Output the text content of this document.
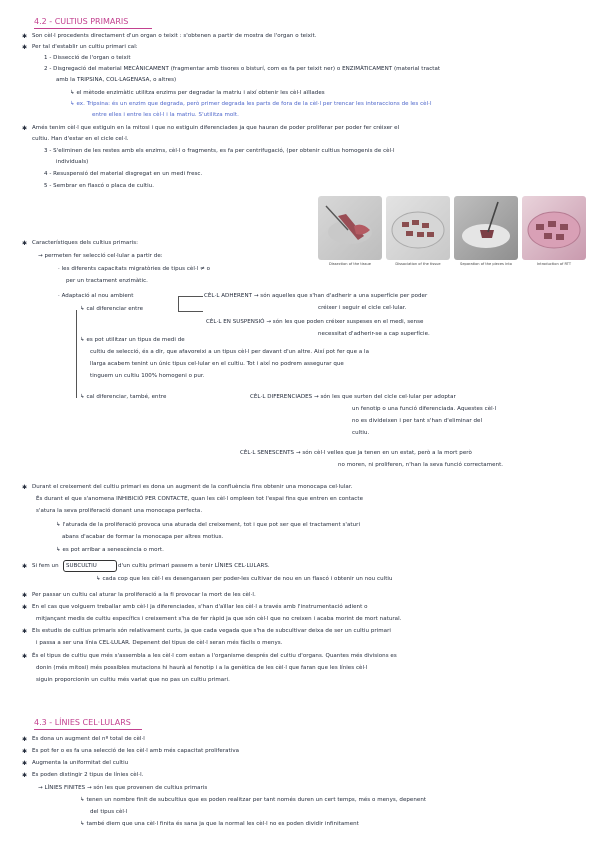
4.2 - CULTIUS PRIMARIS
✱ Son cèl·l procedents directament d'un organ o teixit : s'obtenen a partir de mostra de l'organ o teixit.
✱ Per tal d'establir un cultiu primari cal:
1 - Dissecció de l'organ o teixit
2 - Disgregació del material MECÀNICAMENT (fragmentar amb tisores o bisturí, com es fa per teixit ner) o ENZIMÀTICAMENT (material tractat
amb la TRIPSINA, COL·LAGENASA, o altres)
↳ el mètode enzimàtic utilitza enzims per degradar la matriu i així obtenir les cèl·l aïllades
↳ ex. Tripsina: és un enzim que degrada, però primer degrada les parts de fora de la cèl·l per trencar les interaccions de les cèl·l
entre elles i entre les cèl·l i la matriu. S'utilitza molt.
✱ Amés tenim cèl·l que estiguin en la mitosi i que no estiguin diferenciades ja que hauran de poder proliferar per poder fer créixer el
cultiu. Han d'estar en el cicle cel·l.
3 - S'eliminen de les restes amb els enzims, cèl·l o fragments, es fa per centrifugació, (per obtenir cultius homogenis de cèl·l
individuals)
4 - Resuspensió del material disgregat en un medi fresc.
5 - Sembrar en flascó o placa de cultiu.
Dissection of the tissue	Dissociation of the tissue	Separation of the pieces into	Introduction of RTT
✱ Característiques dels cultius primaris:
→ permeten fer selecció cel·lular a partir de:
· les diferents capacitats migratòries de tipus cèl·l ≠ o
per un tractament enzimàtic.
· Adaptació al nou ambient	CÈL·L ADHERENT → són aquelles que s'han d'adherir a una superfície per poder
créixer i seguir el cicle cel·lular.
↳ cal diferenciar entre
CÈL·L EN SUSPENSIÓ → són les que poden créixer suspeses en el medi, sense
necessitat d'adherir-se a cap superfície.
↳ es pot utilitzar un tipus de medi de
cultiu de selecció, és a dir, que afavoreixi a un tipus cèl·l per davant d'un altre. Així pot fer que a la
llarga acabem tenint un únic tipus cel·lular en el cultiu. Tot i així no podrem assegurar que
tinguem un cultiu 100% homogeni o pur.
↳ cal diferenciar, també, entre	CÈL·L DIFERENCIADES → són les que surten del cicle cel·lular per adoptar
un fenotip o una funció diferenciada. Aquestes cèl·l
no es divideixen i per tant s'han d'eliminar del
cultiu.
CÈL·L SENESCENTS → són cèl·l velles que ja tenen en un estat, però a la mort però
no moren, ni proliferen, n'han la seva funció correctament.
✱ Durant el creixement del cultiu primari es dona un augment de la confluència fins obtenir una monocapa cel·lular.
És durant el que s'anomena INHIBICIÓ PER CONTACTE, quan les cèl·l ompleen tot l'espai fins que entren en contacte
s'atura la seva proliferació donant una monocapa perfecta.
↳ l'aturada de la proliferació provoca una aturada del creixement, tot i que pot ser que el tractament s'aturi
abans d'acabar de formar la monocapa per altres motius.
↳ es pot arribar a senescència o mort.
✱ Si fem un SUBCULTIU	d'un cultiu primari passem a tenir LÍNIES CEL·LULARS.
↳ cada cop que les cèl·l es desenganxen per poder-les cultivar de nou en un flascó i obtenir un nou cultiu
✱ Per passar un cultiu cal aturar la proliferació a la fi provocar la mort de les cèl·l.
✱ En el cas que volguem treballar amb cèl·l ja diferenciades, s'han d'aïllar les cèl·l a través amb l'instrumentació adient o
mitjançant medis de cultiu específics i creixement s'ha de fer ràpid ja que són cèl·l que no creixen i acaba morint de mort natural.
✱ Els estudis de cultius primaris són relativament curts, ja que cada vegada que s'ha de subcultivar deixa de ser un cultiu primari
i passa a ser una línia CEL·LULAR. Depenent del tipus de cèl·l seran més fàcils o menys.
✱ És el tipus de cultiu que més s'assembla a les cèl·l com estan a l'organisme després del cultiu d'organs. Quantes més divisions es
donin (més mitosi) més possibles mutacions hi haurà al fenotip i a la genètica de les cèl·l que faran que les línies cèl·l
siguin proporcionin un cultiu més variat que no pas un cultiu primari.
4.3 - LÍNIES CEL·LULARS
✱ Es dona un augment del nº total de cèl·l
✱ Es pot fer o es fa una selecció de les cèl·l amb més capacitat proliferativa
✱ Augmenta la uniformitat del cultiu
✱ Es poden distingir 2 tipus de línies cèl·l.
→ LÍNIES FINITES → són les que provenen de cultius primaris
↳ tenen un nombre finit de subcultius que es poden realitzar per tant només duren un cert temps, més o menys, depenent
del tipus cèl·l
↳ també diem que una cèl·l finita és sana ja que la normal les cèl·l no es poden dividir infinitament
